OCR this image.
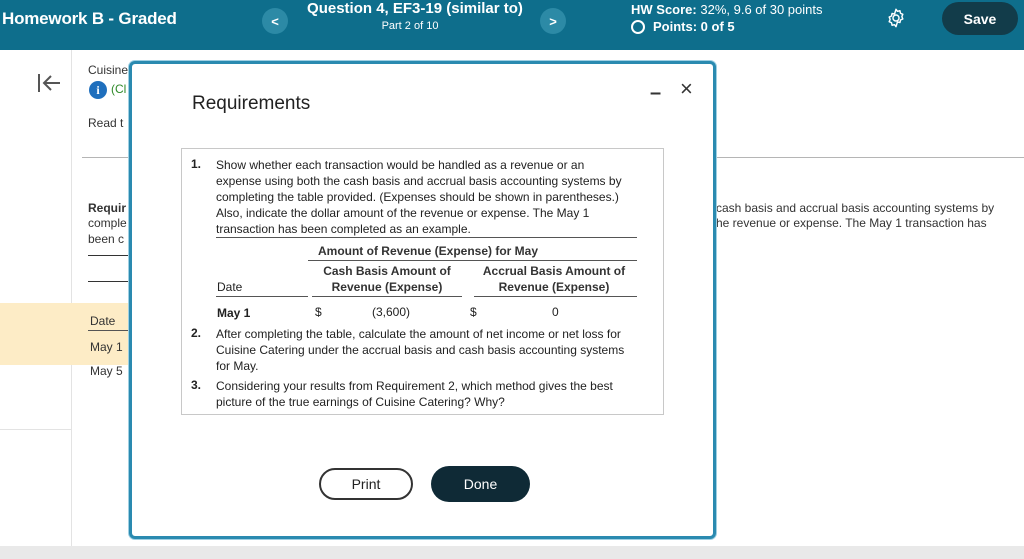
Homework B - Graded	<
Question 4, EF3-19 (similar to)
Part 2 of 10	>
HW Score: 32%, 9.6 of 30 points
Points: 0 of 5	Save
Cuisine
i (Cl
Read t
Requir
comple
been c
cash basis and accrual basis accounting systems by
he revenue or expense. The May 1 transaction has
Date
May 1
May 5
Requirements	– ×
1. Show whether each transaction would be handled as a revenue or an
expense using both the cash basis and accrual basis accounting systems by
completing the table provided. (Expenses should be shown in parentheses.)
Also, indicate the dollar amount of the revenue or expense. The May 1
transaction has been completed as an example.
Amount of Revenue (Expense) for May
Cash Basis Amount of
Revenue (Expense)
Accrual Basis Amount of
Revenue (Expense)
Date
May 1	$	(3,600)	$	0
2. After completing the table, calculate the amount of net income or net loss for
Cuisine Catering under the accrual basis and cash basis accounting systems
for May.
3. Considering your results from Requirement 2, which method gives the best
picture of the true earnings of Cuisine Catering? Why?
Print	Done
